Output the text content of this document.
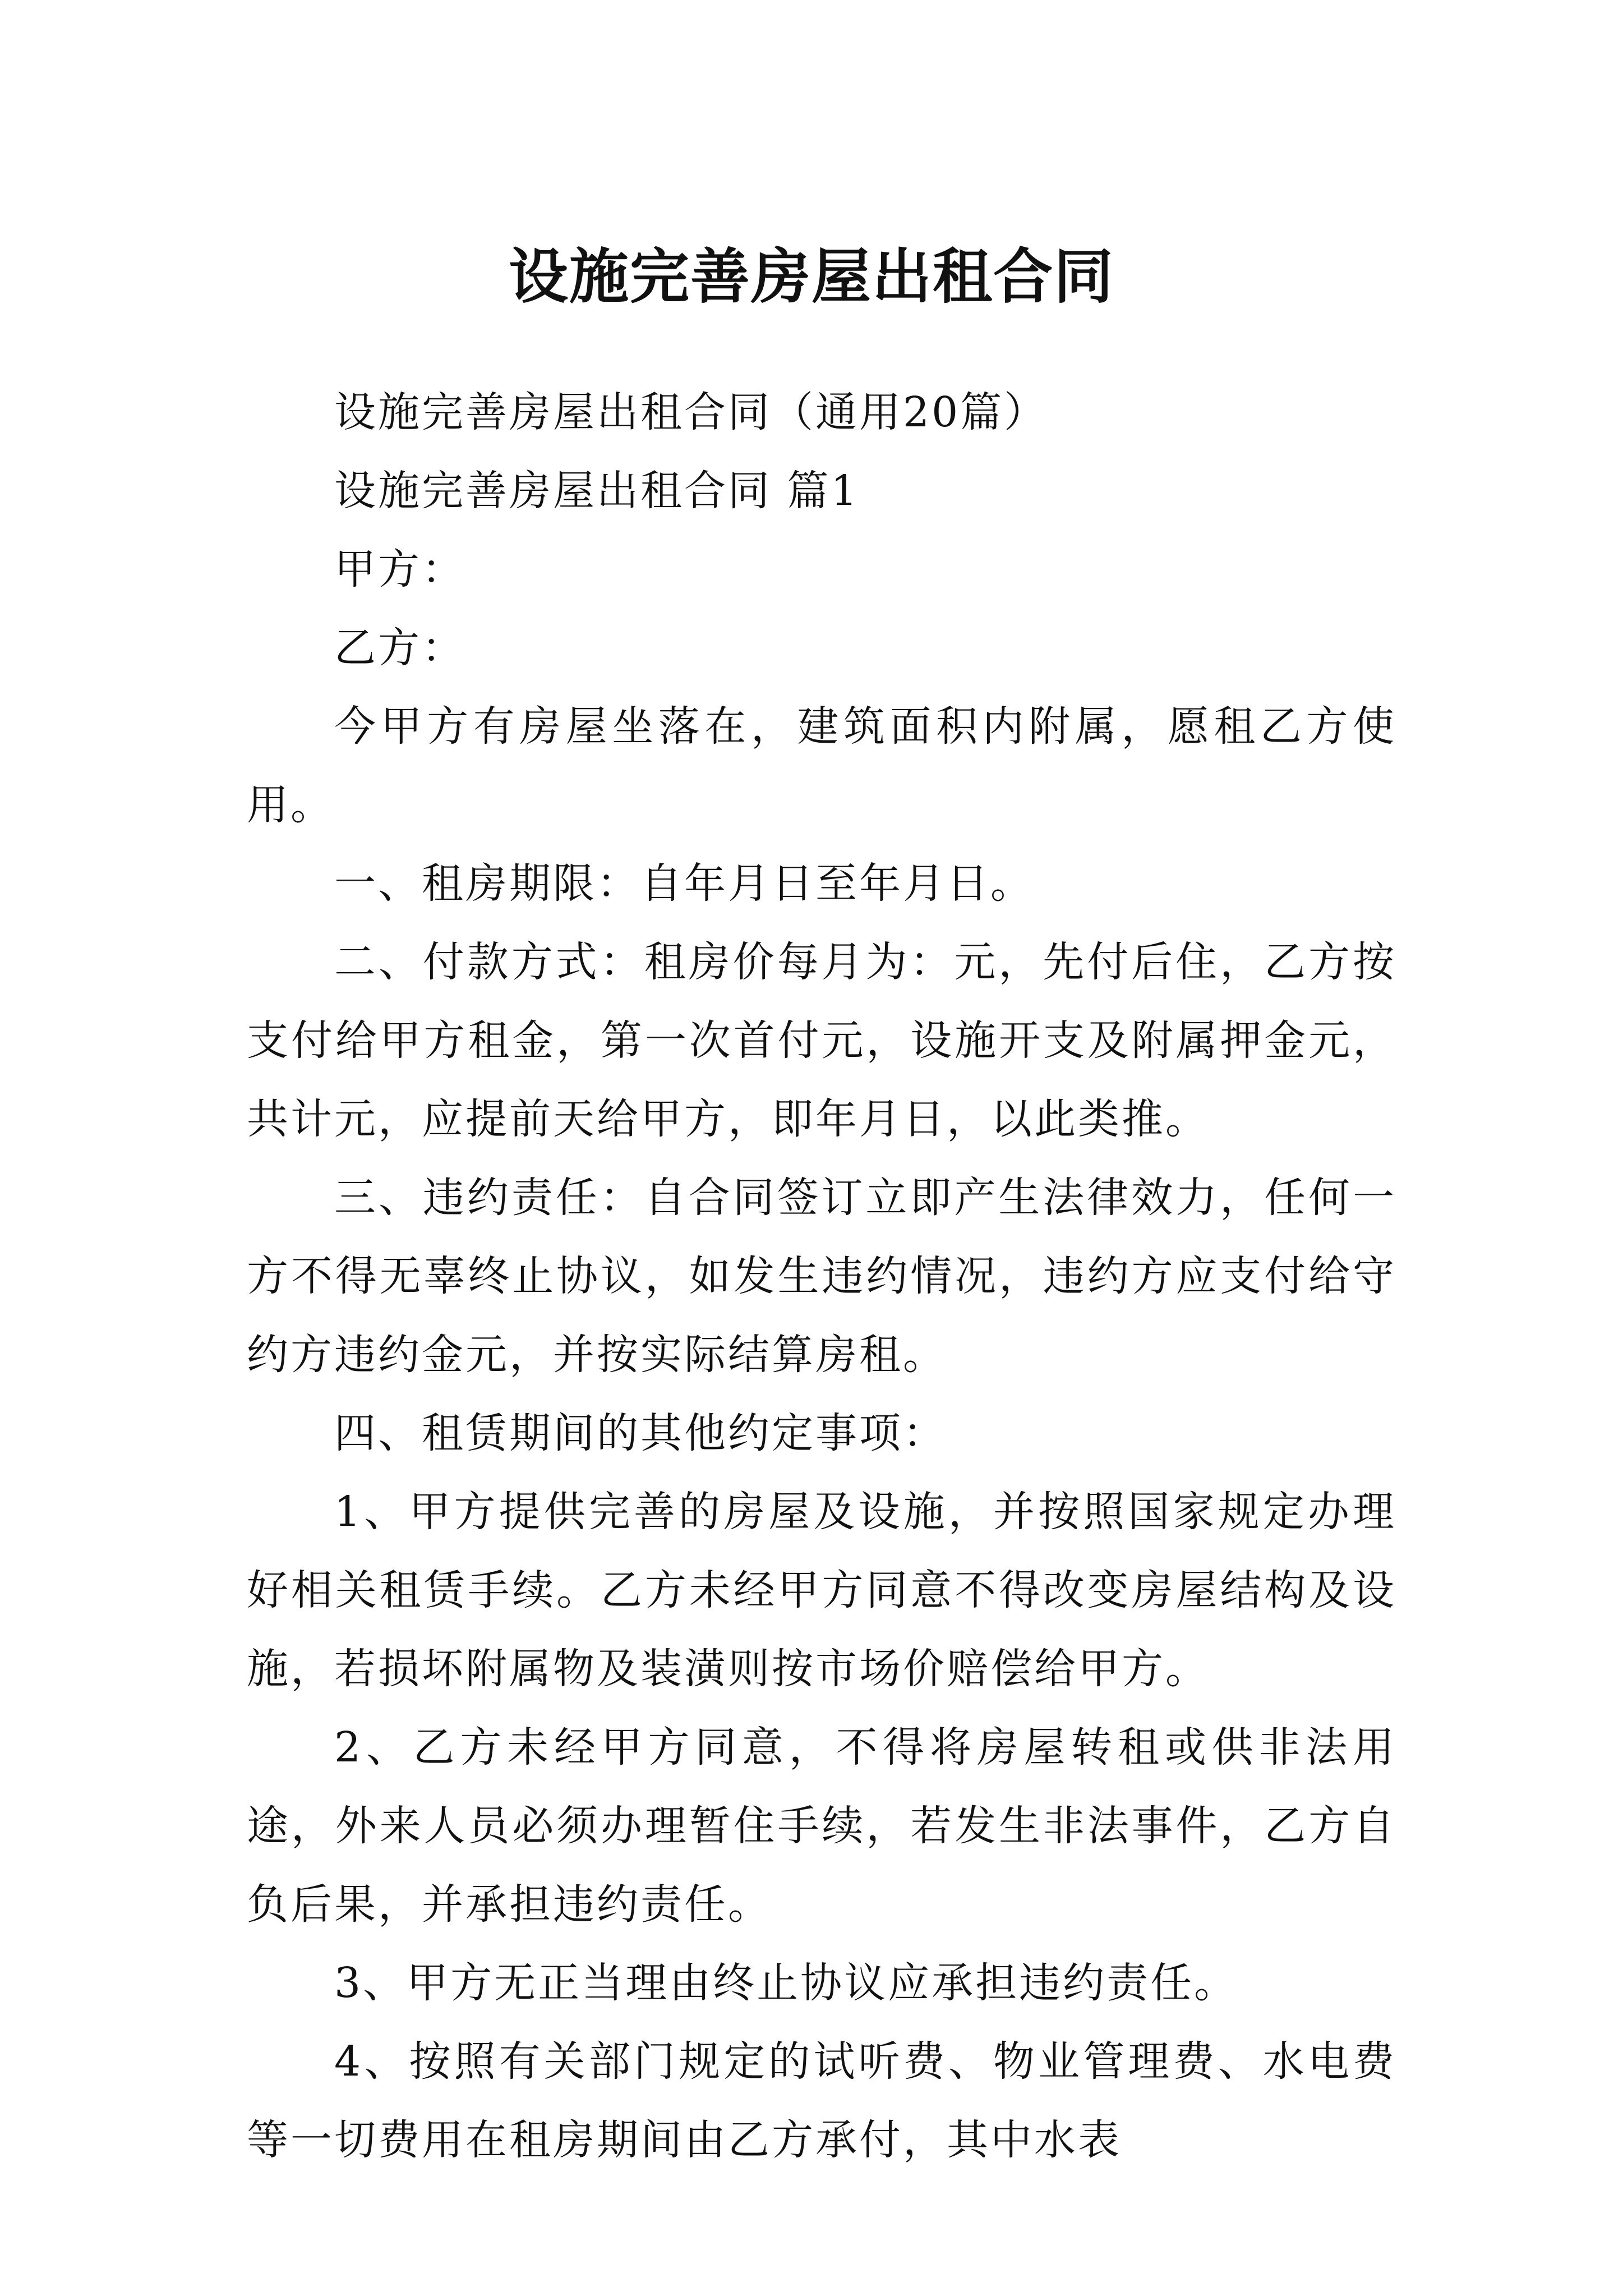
设施完善房屋出租合同

设施完善房屋出租合同（通用20篇）

设施完善房屋出租合同 篇1

甲方：

乙方：

今甲方有房屋坐落在，建筑面积内附属，愿租乙方使用。

一、租房期限：自年月日至年月日。

二、付款方式：租房价每月为：元，先付后住，乙方按支付给甲方租金，第一次首付元，设施开支及附属押金元，共计元，应提前天给甲方，即年月日，以此类推。

三、违约责任：自合同签订立即产生法律效力，任何一方不得无辜终止协议，如发生违约情况，违约方应支付给守约方违约金元，并按实际结算房租。

四、租赁期间的其他约定事项：

1、甲方提供完善的房屋及设施，并按照国家规定办理好相关租赁手续。乙方未经甲方同意不得改变房屋结构及设施，若损坏附属物及装潢则按市场价赔偿给甲方。

2、乙方未经甲方同意，不得将房屋转租或供非法用途，外来人员必须办理暂住手续，若发生非法事件，乙方自负后果，并承担违约责任。

3、甲方无正当理由终止协议应承担违约责任。

4、按照有关部门规定的试听费、物业管理费、水电费等一切费用在租房期间由乙方承付，其中水表
